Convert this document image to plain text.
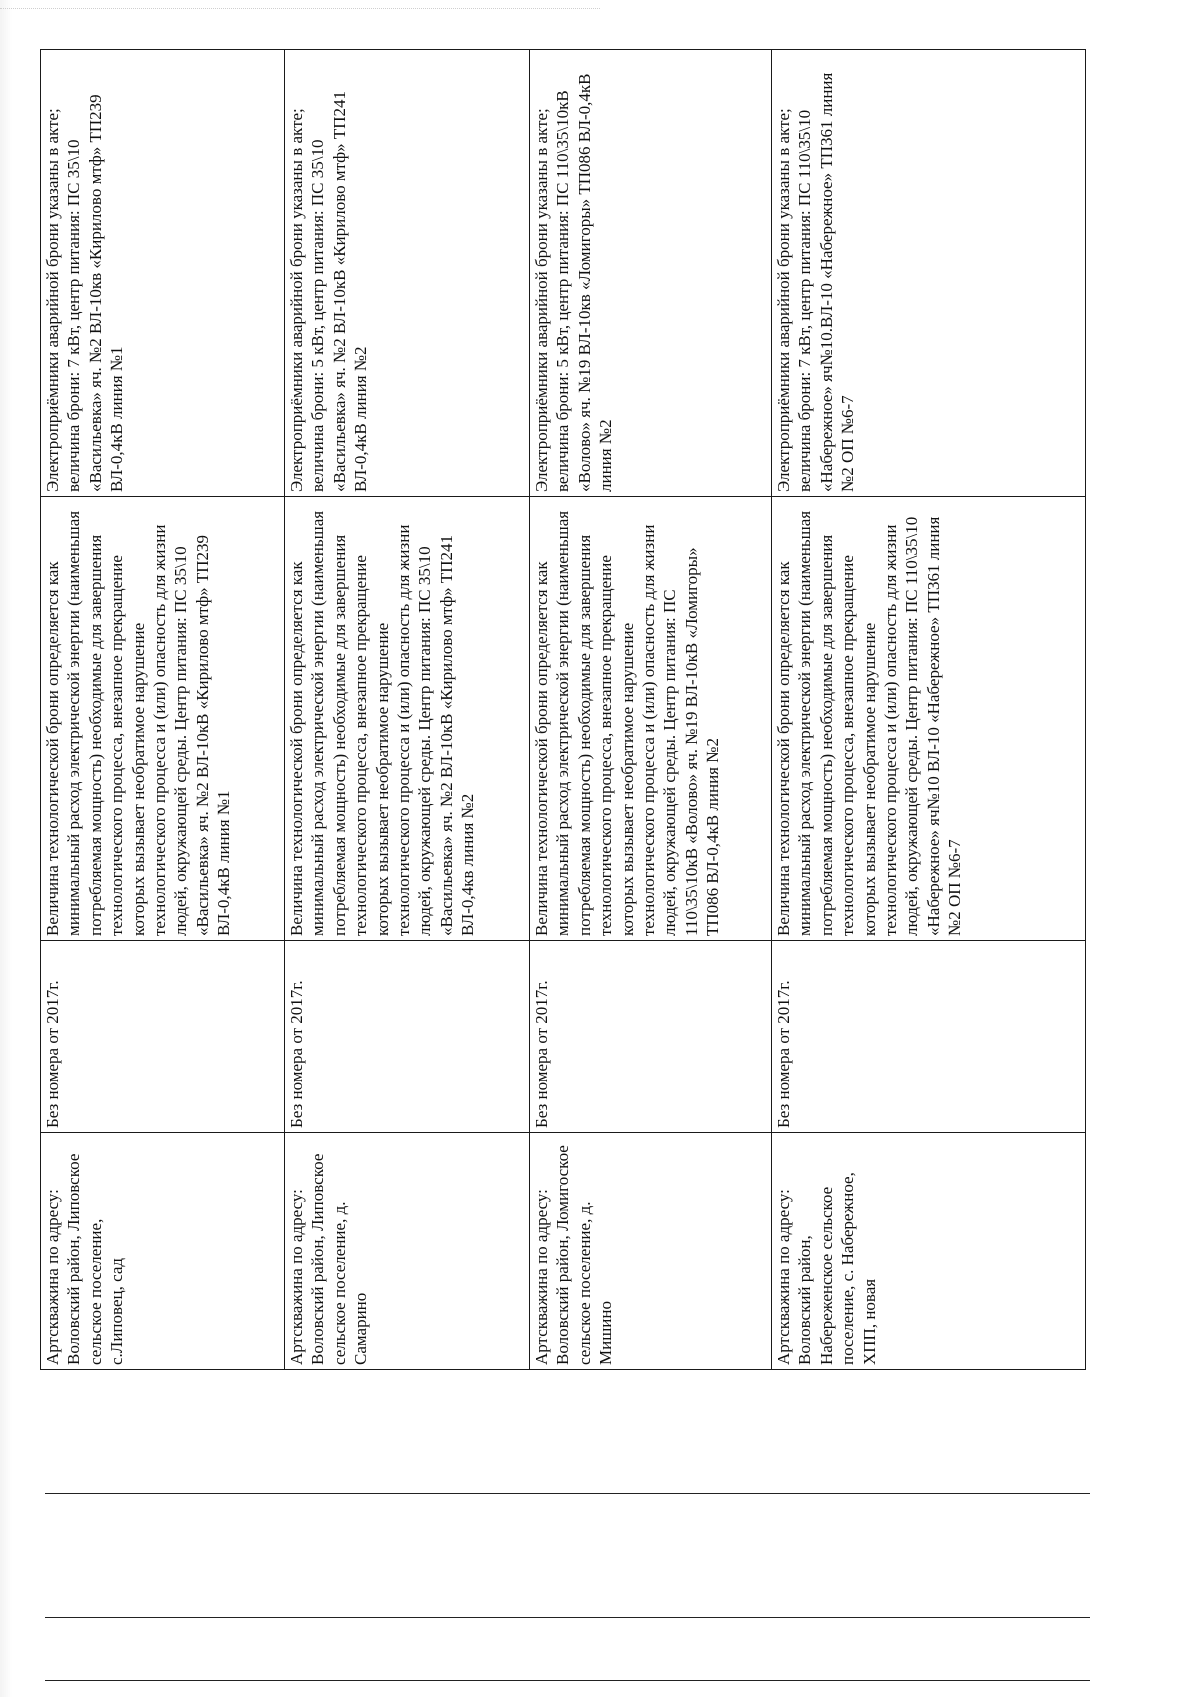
Артскважина по адресу: Воловский район, Липовское сельское поселение, с.Липовец, сад	Без номера от 2017г.	Величина технологической брони определяется как минимальный расход электрической энергии (наименьшая потребляемая мощность) необходимые для завершения технологического процесса, внезапное прекращение которых вызывает необратимое нарушение технологического процесса и (или) опасность для жизни людей, окружающей среды. Центр питания: ПС 35\10 «Васильевка» яч. №2 ВЛ-10кВ «Кирилово мтф» ТП239 ВЛ-0,4кВ линия №1	Электроприёмники аварийной брони указаны в акте; величина брони: 7 кВт, центр питания: ПС 35\10 «Васильевка» яч. №2 ВЛ-10кв «Кирилово мтф» ТП239 ВЛ-0,4кВ линия №1

Артскважина по адресу: Воловский район, Липовское сельское поселение, д. Самарино	Без номера от 2017г.	Величина технологической брони определяется как минимальный расход электрической энергии (наименьшая потребляемая мощность) необходимые для завершения технологического процесса, внезапное прекращение которых вызывает необратимое нарушение технологического процесса и (или) опасность для жизни людей, окружающей среды. Центр питания: ПС 35\10 «Васильевка» яч. №2 ВЛ-10кВ «Кирилово мтф» ТП241 ВЛ-0,4кв линия №2	Электроприёмники аварийной брони указаны в акте; величина брони: 5 кВт, центр питания: ПС 35\10 «Васильевка» яч. №2 ВЛ-10кВ «Кирилово мтф» ТП241 ВЛ-0,4кВ линия №2

Артскважина по адресу: Воловский район, Ломигоское сельское поселение, д. Мишино	Без номера от 2017г.	Величина технологической брони определяется как минимальный расход электрической энергии (наименьшая потребляемая мощность) необходимые для завершения технологического процесса, внезапное прекращение которых вызывает необратимое нарушение технологического процесса и (или) опасность для жизни людей, окружающей среды. Центр питания: ПС 110\35\10кВ «Волово» яч. №19 ВЛ-10кВ «Ломигоры» ТП086 ВЛ-0,4кВ линия №2	Электроприёмники аварийной брони указаны в акте; величина брони: 5 кВт, центр питания: ПС 110\35\10кВ «Волово» яч. №19 ВЛ-10кв «Ломигоры» ТП086 ВЛ-0,4кВ линия №2

Артскважина по адресу: Воловский район, Набереженское сельское поселение, с. Набережное, ХПП, новая	Без номера от 2017г.	Величина технологической брони определяется как минимальный расход электрической энергии (наименьшая потребляемая мощность) необходимые для завершения технологического процесса, внезапное прекращение которых вызывает необратимое нарушение технологического процесса и (или) опасность для жизни людей, окружающей среды. Центр питания: ПС 110\35\10 «Набережное» яч№10 ВЛ-10 «Набережное» ТП361 линия №2 ОП №6-7	Электроприёмники аварийной брони указаны в акте; величина брони: 7 кВт, центр питания: ПС 110\35\10 «Набережное» яч№10.ВЛ-10 «Набережное» ТП361 линия №2 ОП №6-7
